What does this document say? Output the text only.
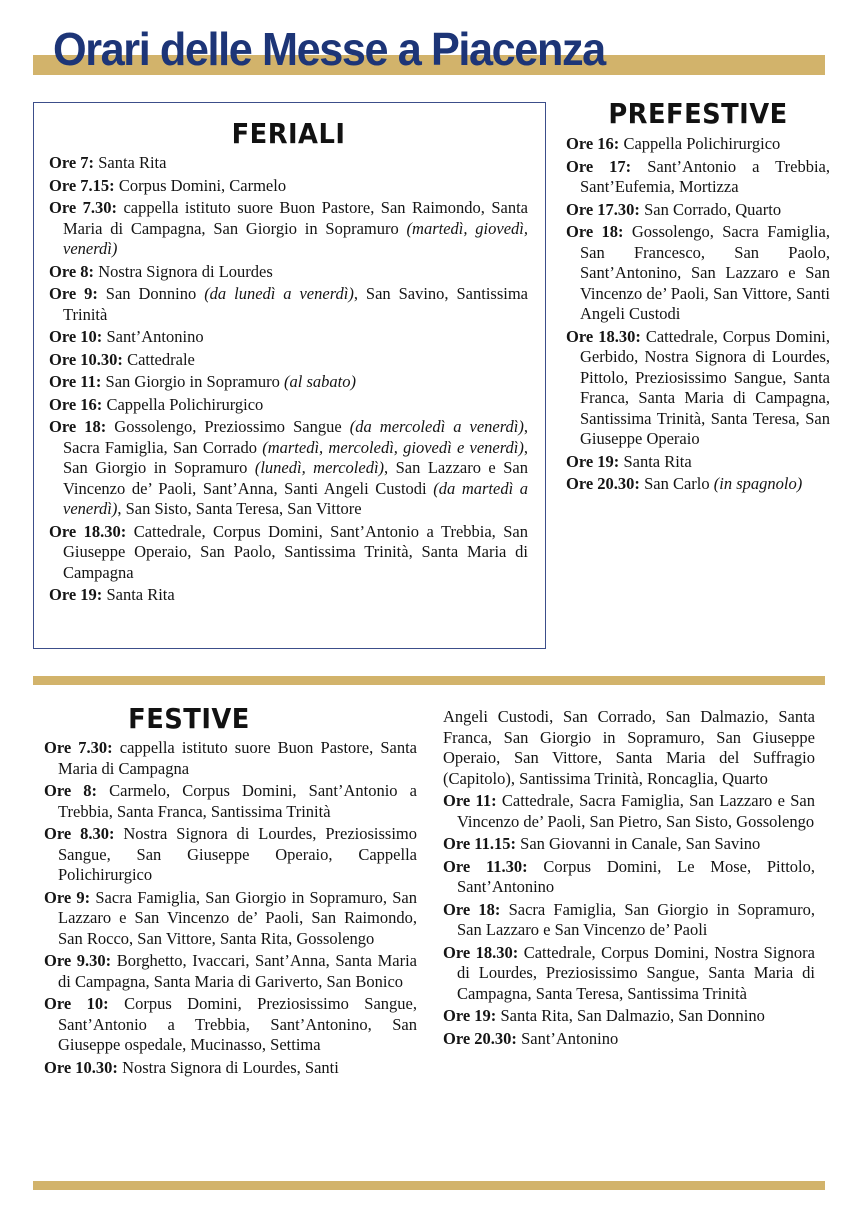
Orari delle Messe a Piacenza
FERIALI

Ore 7: Santa Rita

Ore 7.15: Corpus Domini, Carmelo

Ore 7.30: cappella istituto suore Buon Pastore, San Raimondo, Santa Maria di Campagna, San Giorgio in Sopramuro (martedì, giovedì, venerdì)

Ore 8: Nostra Signora di Lourdes

Ore 9: San Donnino (da lunedì a venerdì), San Savino, Santissima Trinità

Ore 10: Sant’Antonino

Ore 10.30: Cattedrale

Ore 11: San Giorgio in Sopramuro (al sabato)

Ore 16: Cappella Polichirurgico

Ore 18: Gossolengo, Preziossimo Sangue (da mercoledì a venerdì), Sacra Famiglia, San Corrado (martedì, mercoledì, giovedì e venerdì), San Giorgio in Sopramuro (lunedì, mercoledì), San Lazzaro e San Vincenzo de’ Paoli, Sant’Anna, Santi Angeli Custodi (da martedì a venerdì), San Sisto, Santa Teresa, San Vittore

Ore 18.30: Cattedrale, Corpus Domini, Sant’Antonio a Trebbia, San Giuseppe Operaio, San Paolo, Santissima Trinità, Santa Maria di Campagna

Ore 19: Santa Rita

PREFESTIVE

Ore 16: Cappella Polichirurgico

Ore 17: Sant’Antonio a Trebbia, Sant’Eufemia, Mortizza

Ore 17.30: San Corrado, Quarto

Ore 18: Gossolengo, Sacra Famiglia, San Francesco, San Paolo, Sant’Antonino, San Lazzaro e San Vincenzo de’ Paoli, San Vittore, Santi Angeli Custodi

Ore 18.30: Cattedrale, Corpus Domini, Gerbido, Nostra Signora di Lourdes, Pittolo, Preziosissimo Sangue, Santa Franca, Santa Maria di Campagna, Santissima Trinità, Santa Teresa, San Giuseppe Operaio

Ore 19: Santa Rita

Ore 20.30: San Carlo (in spagnolo)

FESTIVE

Ore 7.30: cappella istituto suore Buon Pastore, Santa Maria di Campagna

Ore 8: Carmelo, Corpus Domini, Sant’Antonio a Trebbia, Santa Franca, Santissima Trinità

Ore 8.30: Nostra Signora di Lourdes, Preziosissimo Sangue, San Giuseppe Operaio, Cappella Polichirurgico

Ore 9: Sacra Famiglia, San Giorgio in Sopramuro, San Lazzaro e San Vincenzo de’ Paoli, San Raimondo, San Rocco, San Vittore, Santa Rita, Gossolengo

Ore 9.30: Borghetto, Ivaccari, Sant’Anna, Santa Maria di Campagna, Santa Maria di Gariverto, San Bonico

Ore 10: Corpus Domini, Preziosissimo Sangue, Sant’Antonio a Trebbia, Sant’Antonino, San Giuseppe ospedale, Mucinasso, Settima

Ore 10.30: Nostra Signora di Lourdes, Santi

Angeli Custodi, San Corrado, San Dalmazio, Santa Franca, San Giorgio in Sopramuro, San Giuseppe Operaio, San Vittore, Santa Maria del Suffragio (Capitolo), Santissima Trinità, Roncaglia, Quarto

Ore 11: Cattedrale, Sacra Famiglia, San Lazzaro e San Vincenzo de’ Paoli, San Pietro, San Sisto, Gossolengo

Ore 11.15: San Giovanni in Canale, San Savino

Ore 11.30: Corpus Domini, Le Mose, Pittolo, Sant’Antonino

Ore 18: Sacra Famiglia, San Giorgio in Sopramuro, San Lazzaro e San Vincenzo de’ Paoli

Ore 18.30: Cattedrale, Corpus Domini, Nostra Signora di Lourdes, Preziosissimo Sangue, Santa Maria di Campagna, Santa Teresa, Santissima Trinità

Ore 19: Santa Rita, San Dalmazio, San Donnino

Ore 20.30: Sant’Antonino
